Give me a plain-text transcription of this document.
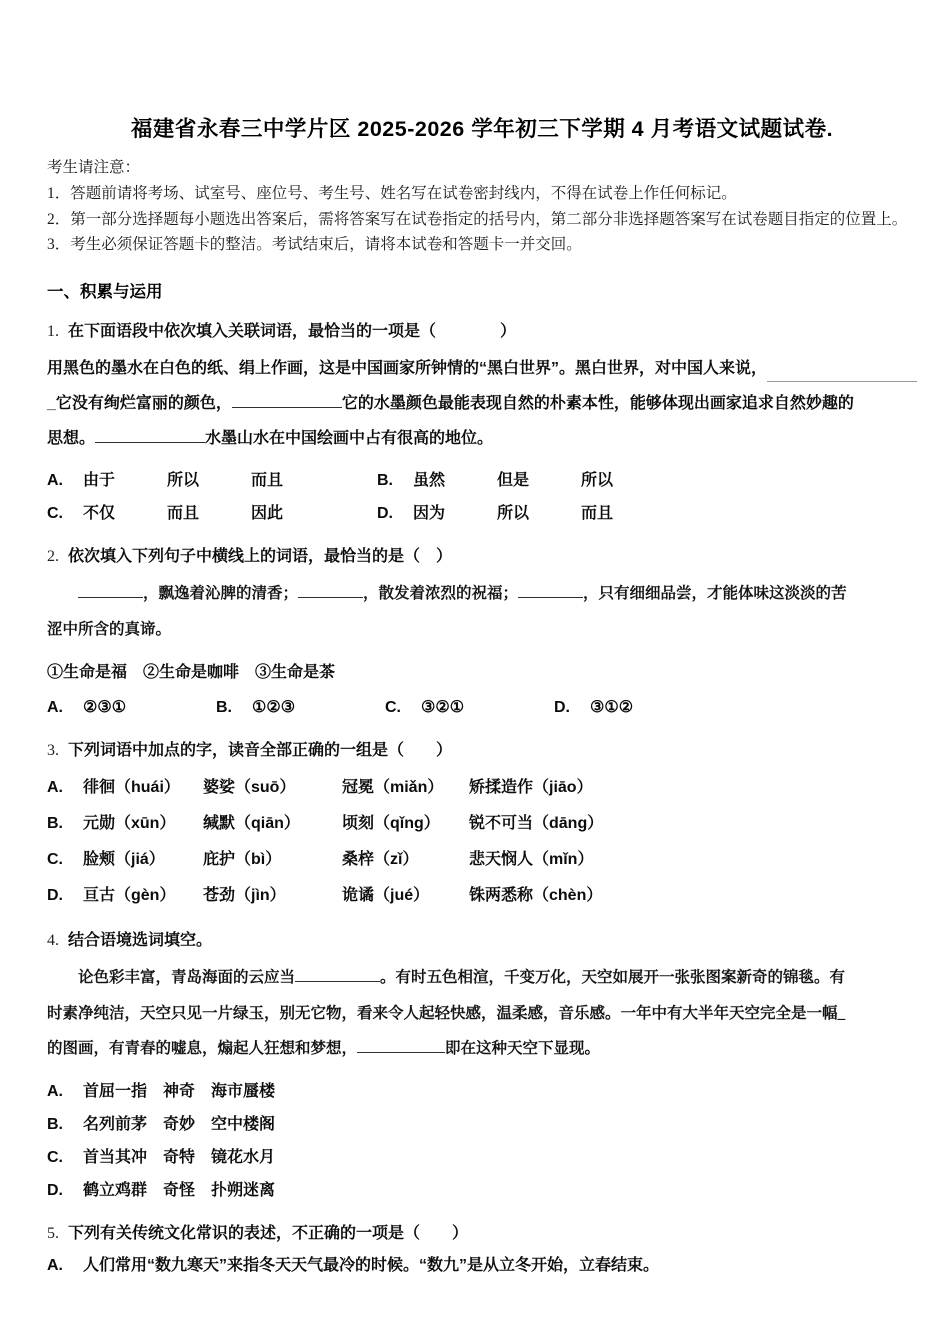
福建省永春三中学片区 2025-2026 学年初三下学期 4 月考语文试题试卷.
考生请注意：
1．答题前请将考场、试室号、座位号、考生号、姓名写在试卷密封线内，不得在试卷上作任何标记。
2．第一部分选择题每小题选出答案后，需将答案写在试卷指定的括号内，第二部分非选择题答案写在试卷题目指定的位置上。
3．考生必须保证答题卡的整洁。考试结束后，请将本试卷和答题卡一并交回。
一、积累与运用
1. 在下面语段中依次填入关联词语，最恰当的一项是（　　　　）
用黑色的墨水在白色的纸、绢上作画，这是中国画家所钟情的“黑白世界”。黑白世界，对中国人来说，
_它没有绚烂富丽的颜色，	它的水墨颜色最能表现自然的朴素本性，能够体现出画家追求自然妙趣的
思想。	水墨山水在中国绘画中占有很高的地位。
A.	由于	所以	而且	B.	虽然	但是	所以
C.	不仅	而且	因此	D.	因为	所以	而且
2. 依次填入下列句子中横线上的词语，最恰当的是（　）
　　，飘逸着沁脾的清香；	，散发着浓烈的祝福；	，只有细细品尝，才能体味这淡淡的苦
涩中所含的真谛。
①生命是福　②生命是咖啡　③生命是茶
A.	②③①	B.	①②③	C.	③②①	D.	③①②
3. 下列词语中加点的字，读音全部正确的一组是（　　）
A.	徘徊（huái）	婆娑（suō）	冠冕（miǎn）	矫揉造作（jiāo）
B.	元勋（xūn）	缄默（qiān）	顷刻（qǐng）	锐不可当（dāng）
C.	脸颊（jiá）	庇护（bì）	桑梓（zǐ）	悲天悯人（mǐn）
D.	亘古（gèn）	苍劲（jìn）	诡谲（jué）	铢两悉称（chèn）
4. 结合语境选词填空。
　　论色彩丰富，青岛海面的云应当	。有时五色相渲，千变万化，天空如展开一张张图案新奇的锦毯。有
时素净纯洁，天空只见一片绿玉，别无它物，看来令人起轻快感，温柔感，音乐感。一年中有大半年天空完全是一幅_
的图画，有青春的嘘息，煽起人狂想和梦想，	即在这种天空下显现。
A.	首屈一指　神奇　海市蜃楼
B.	名列前茅　奇妙　空中楼阁
C.	首当其冲　奇特　镜花水月
D.	鹤立鸡群　奇怪　扑朔迷离
5. 下列有关传统文化常识的表述，不正确的一项是（　　）
A.	人们常用“数九寒天”来指冬天天气最冷的时候。“数九”是从立冬开始，立春结束。
